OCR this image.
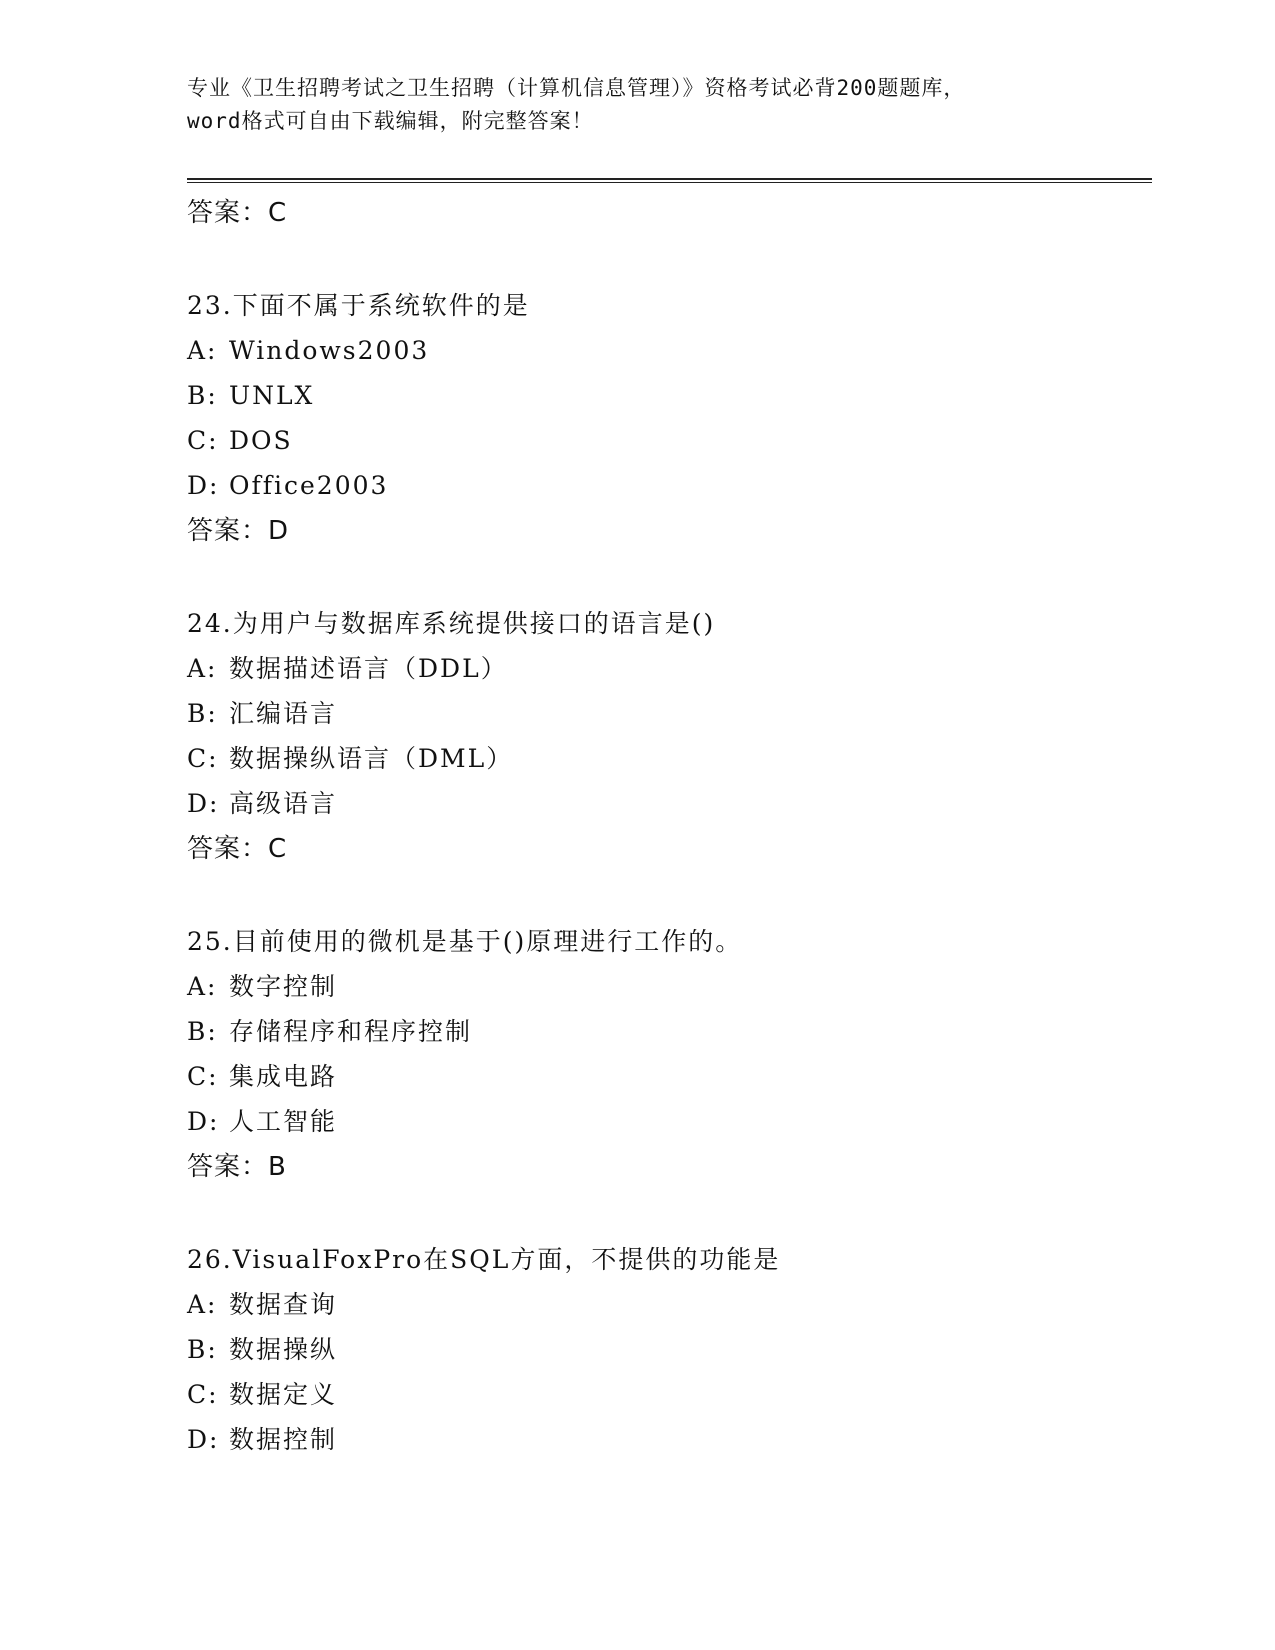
专业《卫生招聘考试之卫生招聘（计算机信息管理）》资格考试必背200题题库，
word格式可自由下载编辑，附完整答案！
答案：C
23.下面不属于系统软件的是
A: Windows2003
B: UNLX
C: DOS
D: Office2003
答案：D
24.为用户与数据库系统提供接口的语言是()
A: 数据描述语言（DDL）
B: 汇编语言
C: 数据操纵语言（DML）
D: 高级语言
答案：C
25.目前使用的微机是基于()原理进行工作的。
A: 数字控制
B: 存储程序和程序控制
C: 集成电路
D: 人工智能
答案：B
26.VisualFoxPro在SQL方面，不提供的功能是
A: 数据查询
B: 数据操纵
C: 数据定义
D: 数据控制
